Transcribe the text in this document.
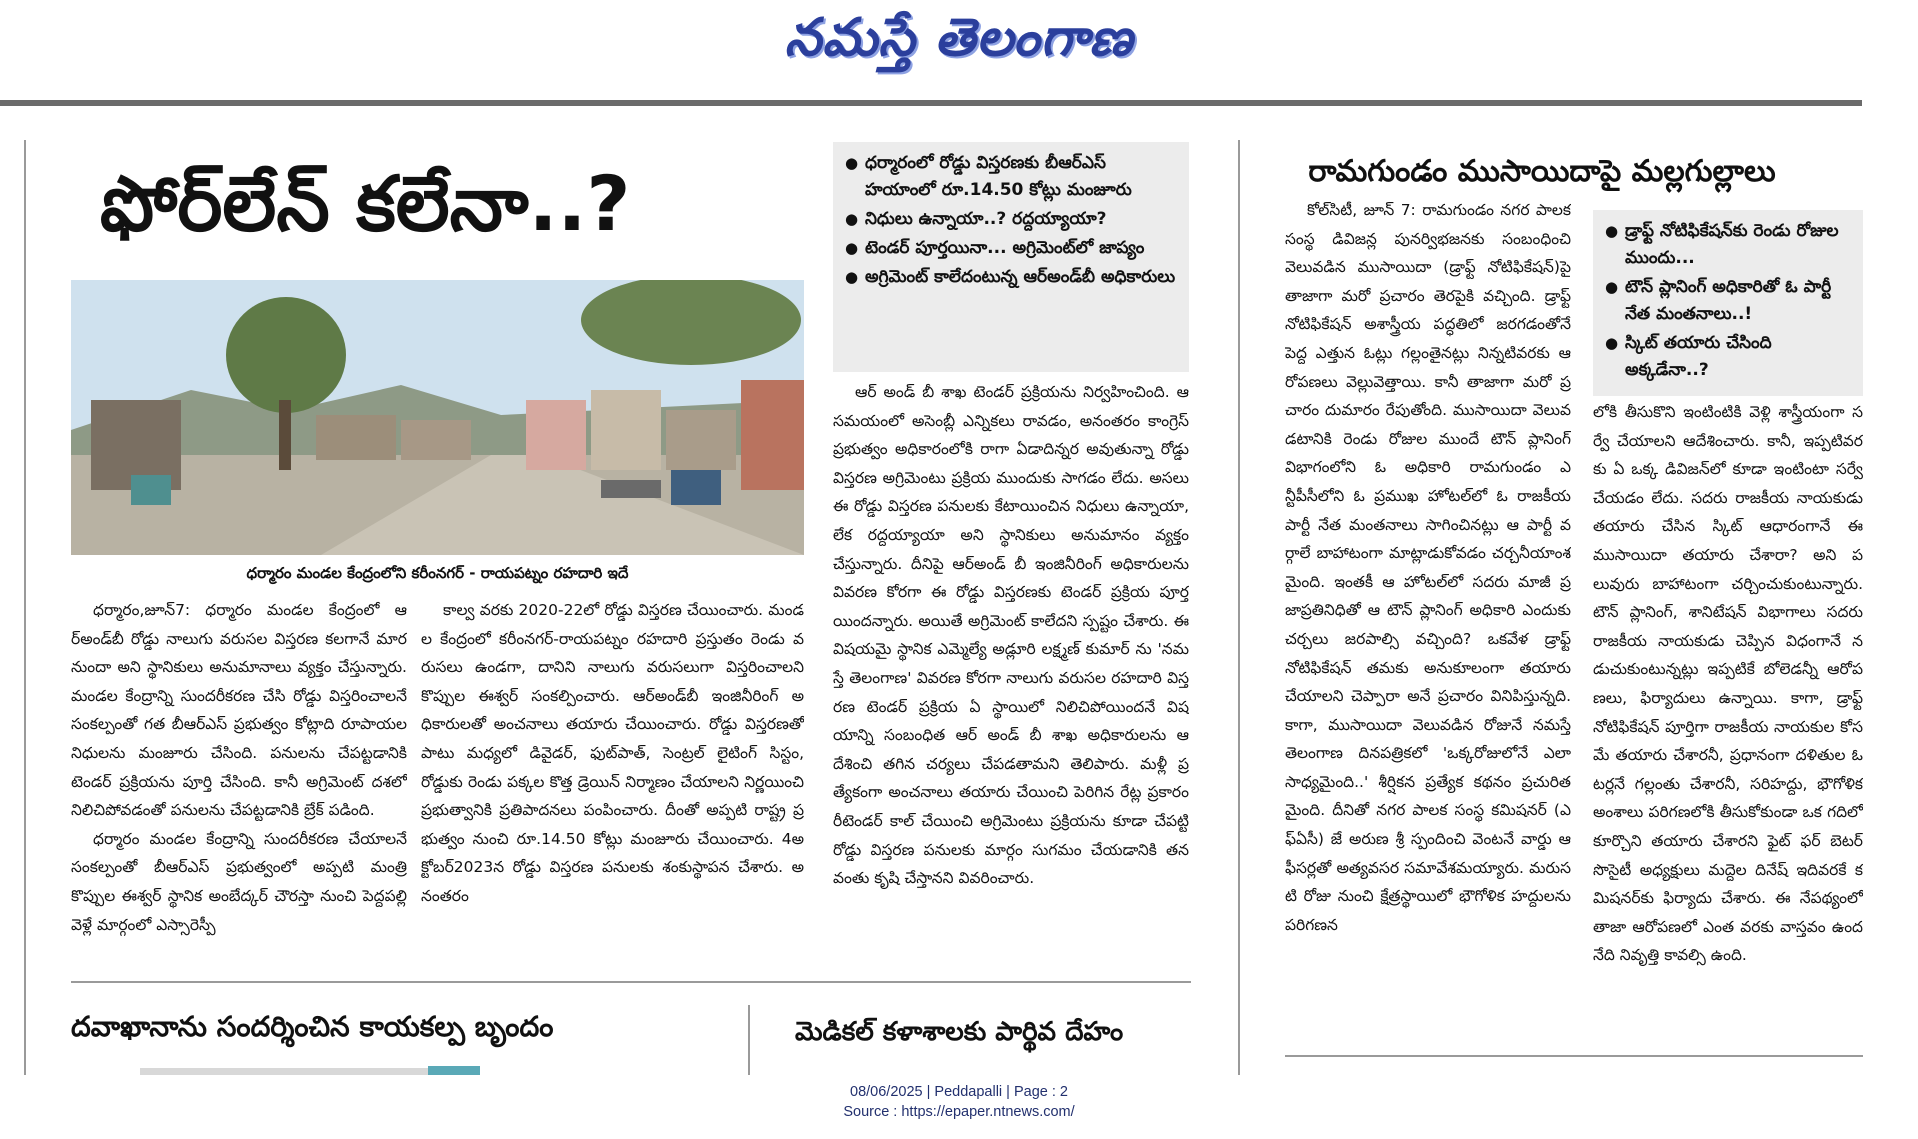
నమస్తే తెలంగాణ
ఫోర్‌లేన్ కలేనా..?
●	ధర్మారంలో రోడ్డు విస్తరణకు బీఆర్ఎస్ హయాంలో రూ.14.50 కోట్లు మంజూరు
● నిధులు ఉన్నాయా..? రద్దయ్యాయా?
● టెండర్ పూర్తయినా... అగ్రిమెంట్‌లో జాప్యం
● అగ్రిమెంట్ కాలేదంటున్న ఆర్అండ్‌బీ అధికారులు
ధర్మారం మండల కేంద్రంలోని కరీంనగర్ - రాయపట్నం రహదారి ఇదే

ధర్మారం,జూన్7: ధర్మారం మండల కేంద్రంలో ఆర్అండ్‌బీ రోడ్డు నాలుగు వరుసల విస్తరణ కలగానే మారనుందా అని స్థానికులు అనుమానాలు వ్యక్తం చేస్తున్నారు. మండల కేంద్రాన్ని సుందరీకరణ చేసి రోడ్డు విస్తరించాలనే సంకల్పంతో గత బీఆర్ఎస్ ప్రభుత్వం కోట్లాది రూపాయల నిధులను మంజూరు చేసింది. పనులను చేపట్టడానికి టెండర్ ప్రక్రియను పూర్తి చేసింది. కానీ అగ్రిమెంట్ దశలో నిలిచిపోవడంతో పనులను చేపట్టడానికి బ్రేక్ పడింది.

ధర్మారం మండల కేంద్రాన్ని సుందరీకరణ చేయాలనే సంకల్పంతో బీఆర్ఎస్ ప్రభుత్వంలో అప్పటి మంత్రి కొప్పుల ఈశ్వర్ స్థానిక అంబేద్కర్ చౌరస్తా నుంచి పెద్దపల్లి వెళ్లే మార్గంలో ఎస్సారెస్పీ

కాల్వ వరకు 2020-22లో రోడ్డు విస్తరణ చేయించారు. మండల కేంద్రంలో కరీంనగర్-రాయపట్నం రహదారి ప్రస్తుతం రెండు వరుసలు ఉండగా, దానిని నాలుగు వరుసలుగా విస్తరించాలని కొప్పుల ఈశ్వర్ సంకల్పించారు. ఆర్అండ్‌బీ ఇంజినీరింగ్ అధికారులతో అంచనాలు తయారు చేయించారు. రోడ్డు విస్తరణతో పాటు మధ్యలో డివైడర్, ఫుట్‌పాత్, సెంట్రల్ లైటింగ్ సిస్టం, రోడ్డుకు రెండు పక్కల కొత్త డ్రెయిన్ నిర్మాణం చేయాలని నిర్ణయించి ప్రభుత్వానికి ప్రతిపాదనలు పంపించారు. దీంతో అప్పటి రాష్ట్ర ప్రభుత్వం నుంచి రూ.14.50 కోట్లు మంజూరు చేయించారు. 4అక్టోబర్2023న రోడ్డు విస్తరణ పనులకు శంకుస్థాపన చేశారు. అనంతరం

ఆర్ అండ్ బీ శాఖ టెండర్ ప్రక్రియను నిర్వహించింది. ఆ సమయంలో అసెంబ్లీ ఎన్నికలు రావడం, అనంతరం కాంగ్రెస్ ప్రభుత్వం అధికారంలోకి రాగా ఏడాదిన్నర అవుతున్నా రోడ్డు విస్తరణ అగ్రిమెంటు ప్రక్రియ ముందుకు సాగడం లేదు. అసలు ఈ రోడ్డు విస్తరణ పనులకు కేటాయించిన నిధులు ఉన్నాయా, లేక రద్దయ్యాయా అని స్థానికులు అనుమానం వ్యక్తం చేస్తున్నారు. దీనిపై ఆర్అండ్ బీ ఇంజినీరింగ్ అధికారులను వివరణ కోరగా ఈ రోడ్డు విస్తరణకు టెండర్ ప్రక్రియ పూర్తయిందన్నారు. అయితే అగ్రిమెంట్ కాలేదని స్పష్టం చేశారు. ఈ విషయమై స్థానిక ఎమ్మెల్యే అడ్లూరి లక్ష్మణ్ కుమార్ ను 'నమస్తే తెలంగాణ' వివరణ కోరగా నాలుగు వరుసల రహదారి విస్తరణ టెండర్ ప్రక్రియ ఏ స్థాయిలో నిలిచిపోయిందనే విషయాన్ని సంబంధిత ఆర్ అండ్ బీ శాఖ అధికారులను ఆదేశించి తగిన చర్యలు చేపడతామని తెలిపారు. మళ్లీ ప్రత్యేకంగా అంచనాలు తయారు చేయించి పెరిగిన రేట్ల ప్రకారం రీటెండర్ కాల్ చేయించి అగ్రిమెంటు ప్రక్రియను కూడా చేపట్టి రోడ్డు విస్తరణ పనులకు మార్గం సుగమం చేయడానికి తన వంతు కృషి చేస్తానని వివరించారు.

రామగుండం ముసాయిదాపై మల్లగుల్లాలు

కోల్‌సిటీ, జూన్ 7: రామగుండం నగర పాలక సంస్థ డివిజన్ల పునర్విభజనకు సంబంధించి వెలువడిన ముసాయిదా (డ్రాఫ్ట్ నోటిఫికేషన్)పై తాజాగా మరో ప్రచారం తెరపైకి వచ్చింది. డ్రాఫ్ట్ నోటిఫికేషన్ అశాస్త్రీయ పద్ధతిలో జరగడంతోనే పెద్ద ఎత్తున ఓట్లు గల్లంతైనట్లు నిన్నటివరకు ఆరోపణలు వెల్లువెత్తాయి. కానీ తాజాగా మరో ప్రచారం దుమారం రేపుతోంది. ముసాయిదా వెలువడటానికి రెండు రోజుల ముందే టౌన్ ప్లానింగ్ విభాగంలోని ఓ అధికారి రామగుండం ఎన్టీపీసీలోని ఓ ప్రముఖ హోటల్‌లో ఓ రాజకీయ పార్టీ నేత మంతనాలు సాగించినట్లు ఆ పార్టీ వర్గాలే బాహాటంగా మాట్లాడుకోవడం చర్చనీయాంశమైంది. ఇంతకీ ఆ హోటల్‌లో సదరు మాజీ ప్రజాప్రతినిధితో ఆ టౌన్ ప్లానింగ్ అధికారి ఎందుకు చర్చలు జరపాల్సి వచ్చింది? ఒకవేళ డ్రాఫ్ట్ నోటిఫికేషన్ తమకు అనుకూలంగా తయారు చేయాలని చెప్పారా అనే ప్రచారం వినిపిస్తున్నది. కాగా, ముసాయిదా వెలువడిన రోజునే నమస్తే తెలంగాణ దినపత్రికలో 'ఒక్కరోజులోనే ఎలా సాధ్యమైంది..' శీర్షికన ప్రత్యేక కథనం ప్రచురితమైంది. దీనితో నగర పాలక సంస్థ కమిషనర్ (ఎఫ్ఏసీ) జే అరుణ శ్రీ స్పందించి వెంటనే వార్డు ఆఫీసర్లతో అత్యవసర సమావేశమయ్యారు. మరుసటి రోజు నుంచి క్షేత్రస్థాయిలో భౌగోళిక హద్దులను పరిగణన

● డ్రాఫ్ట్ నోటిఫికేషన్‌కు రెండు రోజుల ముందు...
● టౌన్ ప్లానింగ్ అధికారితో ఓ పార్టీ నేత మంతనాలు..!
● స్కిట్ తయారు చేసింది అక్కడేనా..?

లోకి తీసుకొని ఇంటింటికి వెళ్లి శాస్త్రీయంగా సర్వే చేయాలని ఆదేశించారు. కానీ, ఇప్పటివరకు ఏ ఒక్క డివిజన్‌లో కూడా ఇంటింటా సర్వే చేయడం లేదు. సదరు రాజకీయ నాయకుడు తయారు చేసిన స్కిట్ ఆధారంగానే ఈ ముసాయిదా తయారు చేశారా? అని పలువురు బాహాటంగా చర్చించుకుంటున్నారు. టౌన్ ప్లానింగ్, శానిటేషన్ విభాగాలు సదరు రాజకీయ నాయకుడు చెప్పిన విధంగానే నడుచుకుంటున్నట్లు ఇప్పటికే బోలెడన్నీ ఆరోపణలు, ఫిర్యాదులు ఉన్నాయి. కాగా, డ్రాఫ్ట్ నోటిఫికేషన్ పూర్తిగా రాజకీయ నాయకుల కోసమే తయారు చేశారనీ, ప్రధానంగా దళితుల ఓటర్లనే గల్లంతు చేశారనీ, సరిహద్దు, భౌగోళిక అంశాలు పరిగణలోకి తీసుకోకుండా ఒక గదిలో కూర్చొని తయారు చేశారని ఫైట్ ఫర్ బెటర్ సొసైటీ అధ్యక్షులు మద్దెల దినేష్ ఇదివరకే కమిషనర్‌కు ఫిర్యాదు చేశారు. ఈ నేపథ్యంలో తాజా ఆరోపణలో ఎంత వరకు వాస్తవం ఉందనేది నివృత్తి కావల్సి ఉంది.

దవాఖానాను సందర్శించిన కాయకల్ప బృందం	మెడికల్ కళాశాలకు పార్థివ దేహం
08/06/2025 | Peddapalli | Page : 2
Source : https://epaper.ntnews.com/
